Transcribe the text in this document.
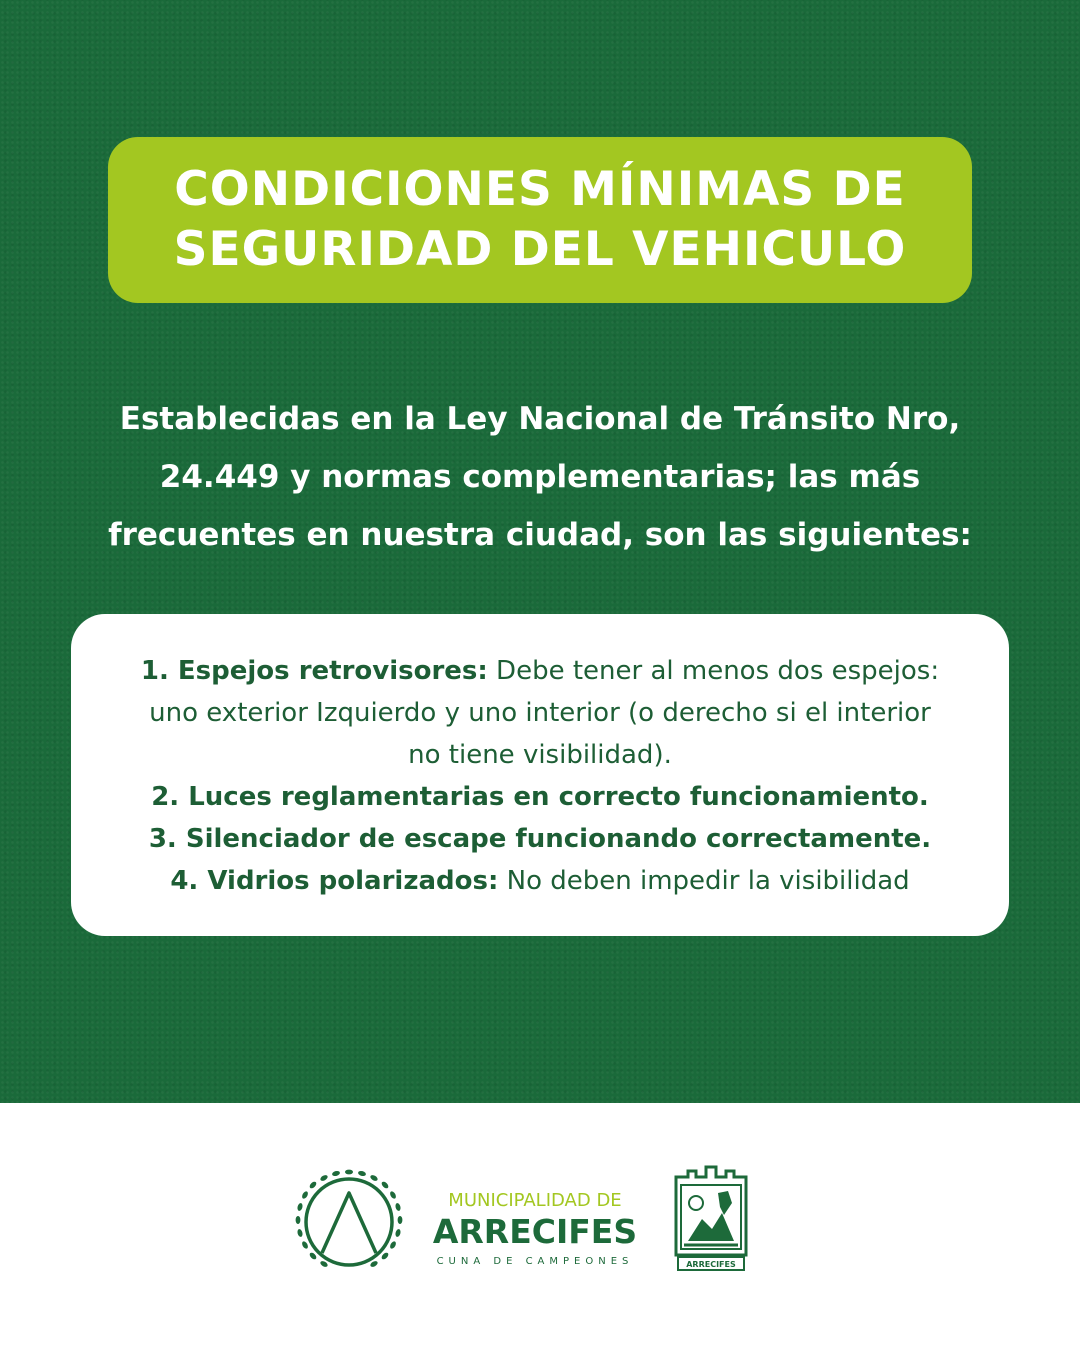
CONDICIONES MÍNIMAS DE
SEGURIDAD DEL VEHICULO

Establecidas en la Ley Nacional de Tránsito Nro,
24.449 y normas complementarias; las más
frecuentes en nuestra ciudad, son las siguientes:

1. Espejos retrovisores: Debe tener al menos dos espejos:
uno exterior Izquierdo y uno interior (o derecho si el interior
no tiene visibilidad).
2. Luces reglamentarias en correcto funcionamiento.
3. Silenciador de escape funcionando correctamente.
4. Vidrios polarizados: No deben impedir la visibilidad
MUNICIPALIDAD DE
ARRECIFES
CUNA DE CAMPEONES	ARRECIFES
